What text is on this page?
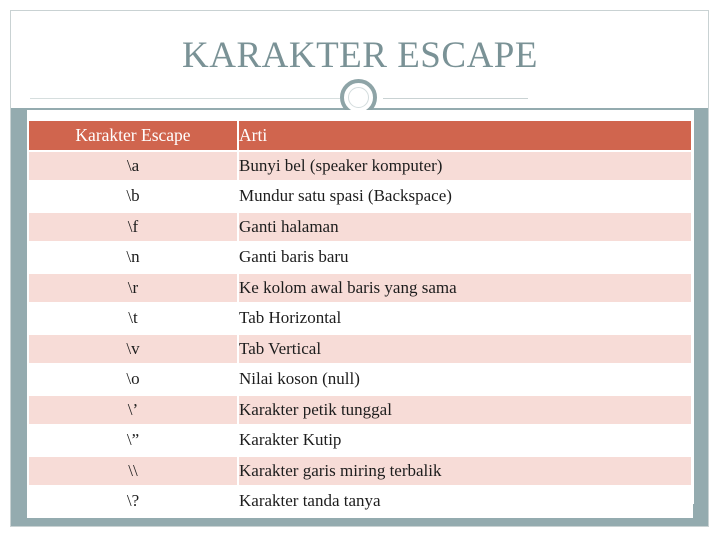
KARAKTER ESCAPE
Karakter Escape	Arti
\a	Bunyi bel (speaker komputer)
\b	Mundur satu spasi (Backspace)
\f	Ganti halaman
\n	Ganti baris baru
\r	Ke kolom awal baris yang sama
\t	Tab Horizontal
\v	Tab Vertical
\o	Nilai koson (null)
\’	Karakter petik tunggal
\”	Karakter Kutip
\\	Karakter garis miring terbalik
\?	Karakter tanda tanya
